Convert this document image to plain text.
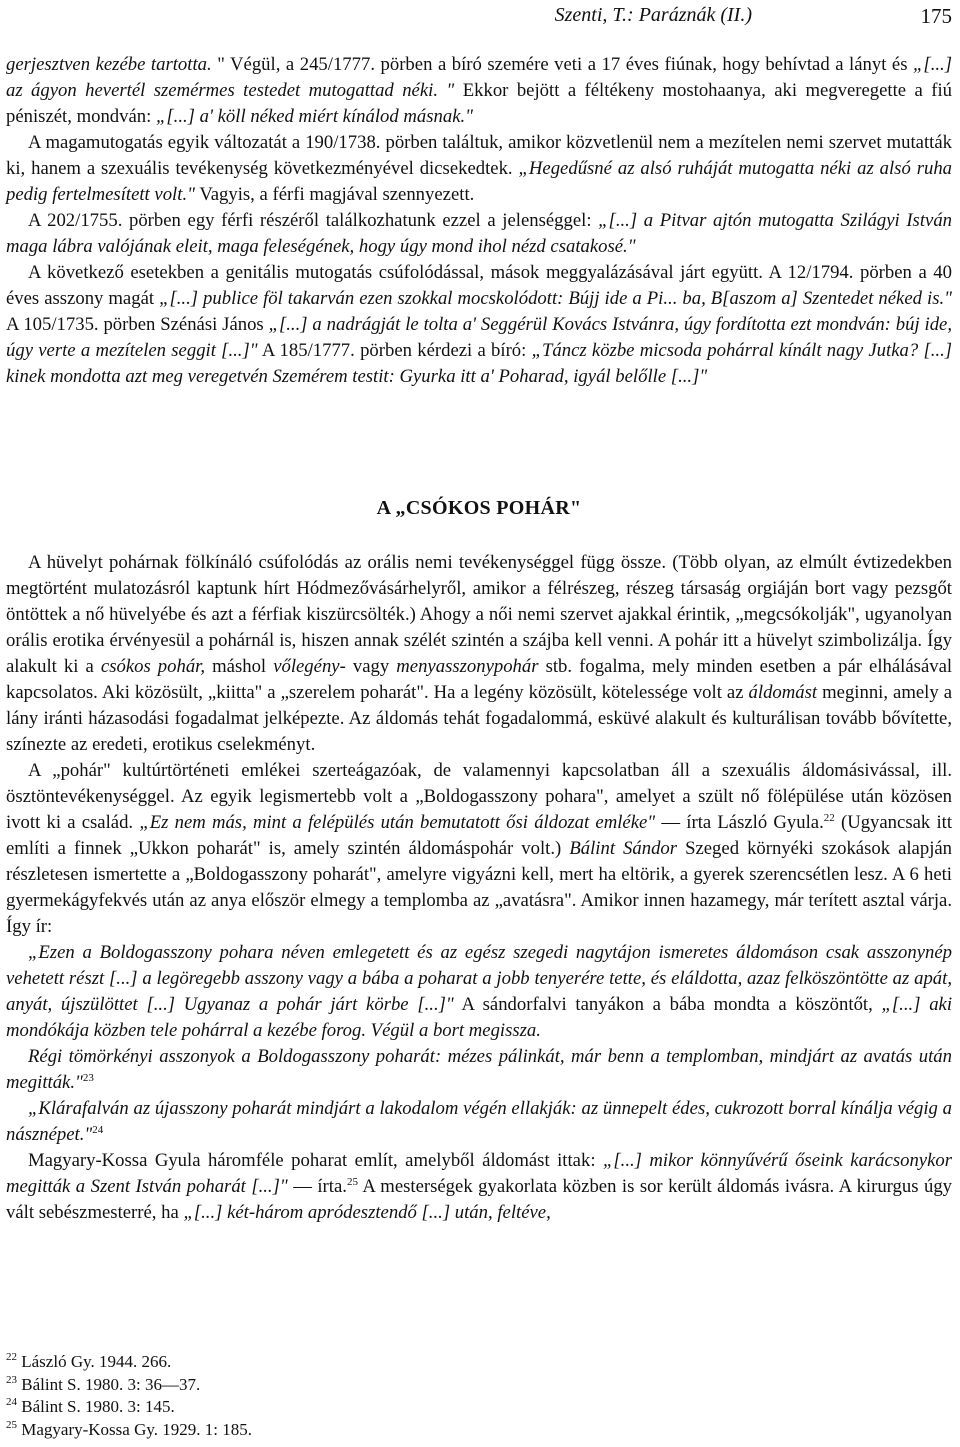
Szenti, T.: Paráznák (II.)	175

gerjesztven kezébe tartotta. " Végül, a 245/1777. pörben a bíró szemére veti a 17 éves fiúnak, hogy behívtad a lányt és „[...] az ágyon hevertél szemérmes testedet mutogattad néki. " Ekkor bejött a féltékeny mostohaanya, aki megveregette a fiú péniszét, mondván: „[...] a' köll néked miért kínálod másnak."

A magamutogatás egyik változatát a 190/1738. pörben találtuk, amikor közvetlenül nem a mezítelen nemi szervet mutatták ki, hanem a szexuális tevékenység következményével dicsekedtek. „Hegedűsné az alsó ruháját mutogatta néki az alsó ruha pedig fertelmesített volt." Vagyis, a férfi magjával szennyezett.

A 202/1755. pörben egy férfi részéről találkozhatunk ezzel a jelenséggel: „[...] a Pitvar ajtón mutogatta Szilágyi István maga lábra valójának eleit, maga feleségének, hogy úgy mond ihol nézd csatakosé."

A következő esetekben a genitális mutogatás csúfolódással, mások meggyalázásával járt együtt. A 12/1794. pörben a 40 éves asszony magát „[...] publice föl takarván ezen szokkal mocskolódott: Bújj ide a Pi... ba, B[aszom a] Szentedet néked is." A 105/1735. pörben Szénási János „[...] a nadrágját le tolta a' Seggérül Kovács Istvánra, úgy fordította ezt mondván: búj ide, úgy verte a mezítelen seggit [...]" A 185/1777. pörben kérdezi a bíró: „Táncz közbe micsoda pohárral kínált nagy Jutka? [...] kinek mondotta azt meg veregetvén Szemérem testit: Gyurka itt a' Poharad, igyál belőlle [...]"

A „CSÓKOS POHÁR"

A hüvelyt pohárnak fölkínáló csúfolódás az orális nemi tevékenységgel függ össze. (Több olyan, az elmúlt évtizedekben megtörtént mulatozásról kaptunk hírt Hódmezővásárhelyről, amikor a félrészeg, részeg társaság orgiáján bort vagy pezsgőt öntöttek a nő hüvelyébe és azt a férfiak kiszürcsölték.) Ahogy a női nemi szervet ajakkal érintik, „megcsókolják", ugyanolyan orális erotika érvényesül a pohárnál is, hiszen annak szélét szintén a szájba kell venni. A pohár itt a hüvelyt szimbolizálja. Így alakult ki a csókos pohár, máshol vőlegény- vagy menyasszonypohár stb. fogalma, mely minden esetben a pár elhálásával kapcsolatos. Aki közösült, „kiitta" a „szerelem poharát". Ha a legény közösült, kötelessége volt az áldomást meginni, amely a lány iránti házasodási fogadalmat jelképezte. Az áldomás tehát fogadalommá, esküvé alakult és kulturálisan tovább bővítette, színezte az eredeti, erotikus cselekményt.

A „pohár" kultúrtörténeti emlékei szerteágazóak, de valamennyi kapcsolatban áll a szexuális áldomásivással, ill. ösztöntevékenységgel. Az egyik legismertebb volt a „Boldogasszony pohara", amelyet a szült nő fölépülése után közösen ivott ki a család. „Ez nem más, mint a felépülés után bemutatott ősi áldozat emléke" — írta László Gyula.$^{22}$ (Ugyancsak itt említi a finnek „Ukkon poharát" is, amely szintén áldomáspohár volt.) Bálint Sándor Szeged környéki szokások alapján részletesen ismertette a „Boldogasszony poharát", amelyre vigyázni kell, mert ha eltörik, a gyerek szerencsétlen lesz. A 6 heti gyermekágyfekvés után az anya először elmegy a templomba az „avatásra". Amikor innen hazamegy, már terített asztal várja. Így ír:

„Ezen a Boldogasszony pohara néven emlegetett és az egész szegedi nagytájon ismeretes áldomáson csak asszonynép vehetett részt [...] a legöregebb asszony vagy a bába a poharat a jobb tenyerére tette, és eláldotta, azaz felköszöntötte az apát, anyát, újszülöttet [...] Ugyanaz a pohár járt körbe [...]" A sándorfalvi tanyákon a bába mondta a köszöntőt, „[...] aki mondókája közben tele pohárral a kezébe forog. Végül a bort megissza.

Régi tömörkényi asszonyok a Boldogasszony poharát: mézes pálinkát, már benn a templomban, mindjárt az avatás után megitták."$^{23}$

„Klárafalván az újasszony poharát mindjárt a lakodalom végén ellakják: az ünnepelt édes, cukrozott borral kínálja végig a násznépet."$^{24}$

Magyary-Kossa Gyula háromféle poharat említ, amelyből áldomást ittak: „[...] mikor könnyűvérű őseink karácsonykor megitták a Szent István poharát [...]" — írta.$^{25}$ A mesterségek gyakorlata közben is sor került áldomás ivásra. A kirurgus úgy vált sebészmesterré, ha „[...] két-három apródesztendő [...] után, feltéve,

$^{22}$ László Gy. 1944. 266.
$^{23}$ Bálint S. 1980. 3: 36—37.
$^{24}$ Bálint S. 1980. 3: 145.
$^{25}$ Magyary-Kossa Gy. 1929. 1: 185.
